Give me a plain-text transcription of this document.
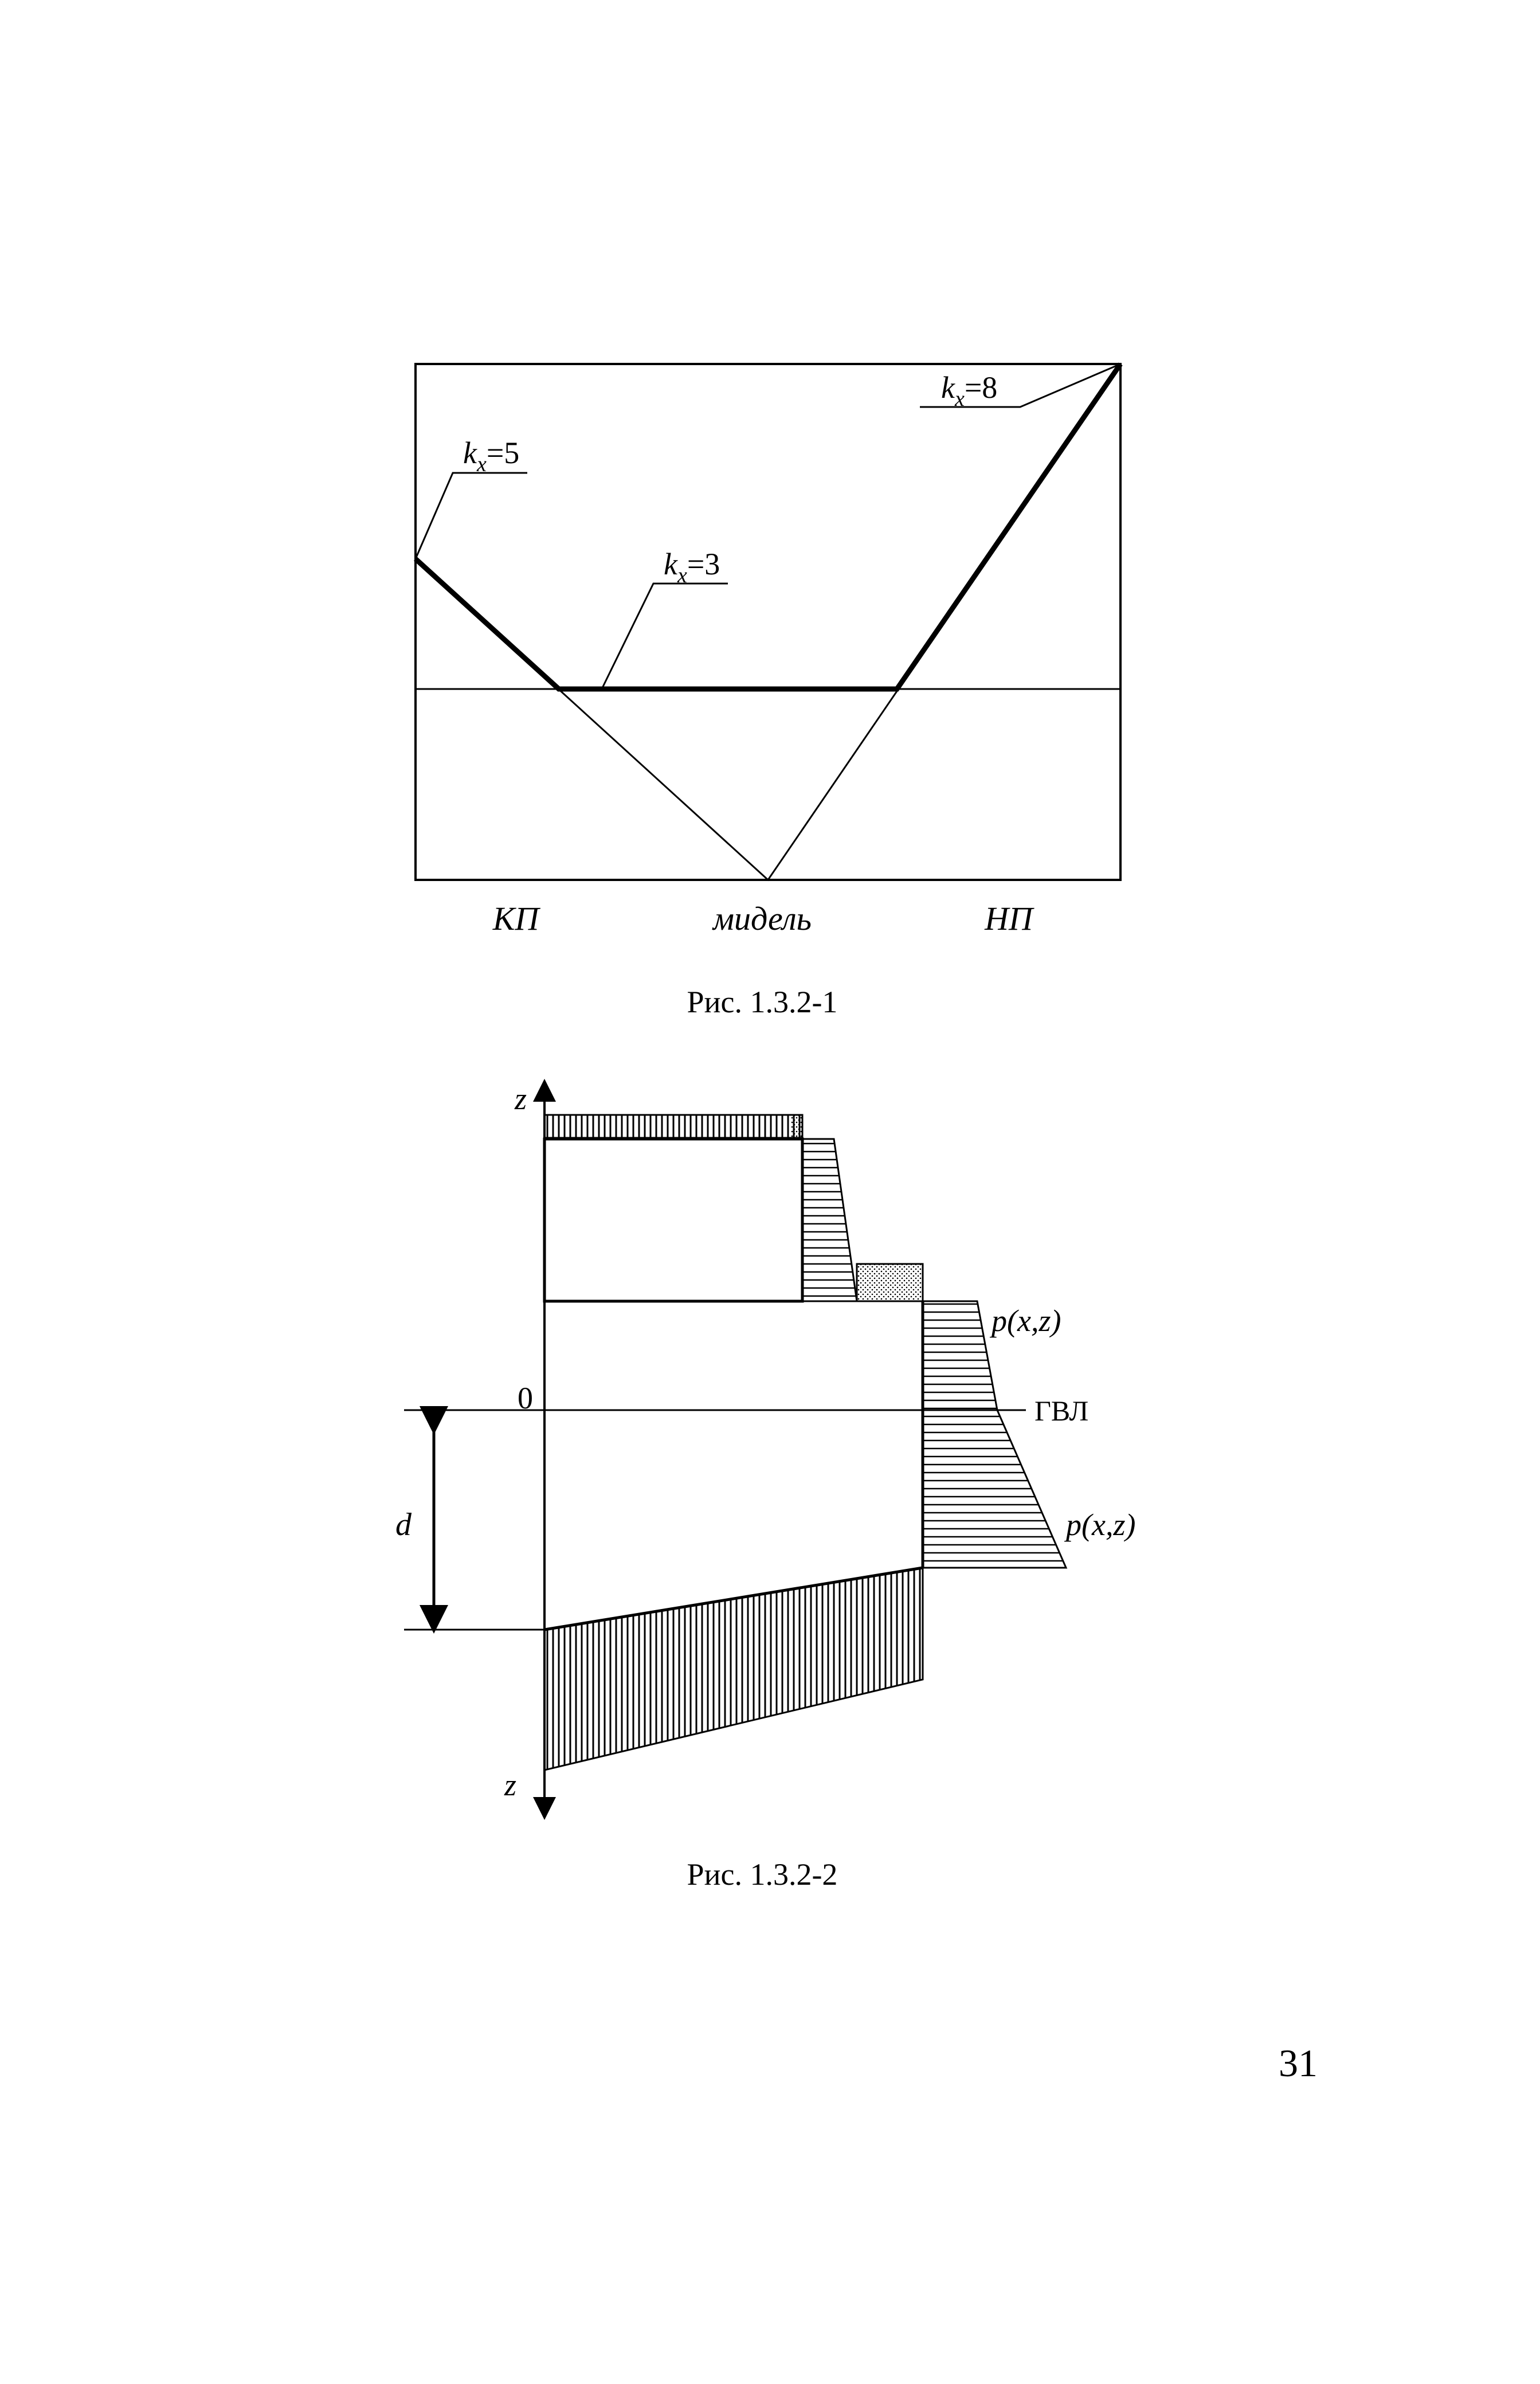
$k_x=5$
$k_x=3$
$k_x=8$
КП	мидель	НП
Рис. 1.3.2-1
z
z
0
d
ГВЛ
p(x,z)
p(x,z)
Рис. 1.3.2-2
31
